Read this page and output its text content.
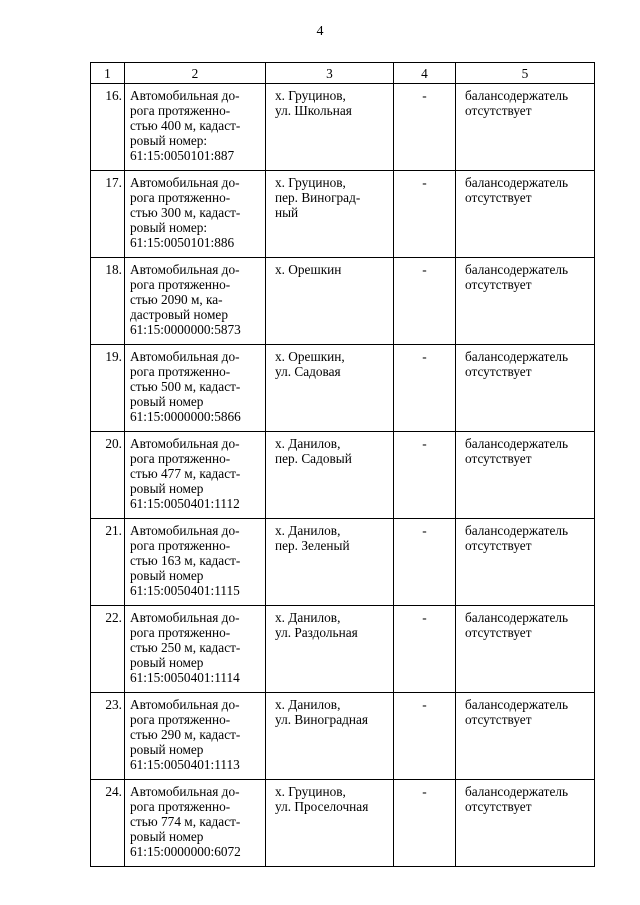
4
1	2	3	4	5
16.	Автомобильная до-
рога протяженно-
стью 400 м, кадаст-
ровый номер:
61:15:0050101:887	х. Груцинов,
ул. Школьная	-	балансодержатель
отсутствует
17.	Автомобильная до-
рога протяженно-
стью 300 м, кадаст-
ровый номер:
61:15:0050101:886	х. Груцинов,
пер. Виноград-
ный	-	балансодержатель
отсутствует
18.	Автомобильная до-
рога протяженно-
стью 2090 м, ка-
дастровый номер
61:15:0000000:5873	х. Орешкин	-	балансодержатель
отсутствует
19.	Автомобильная до-
рога протяженно-
стью 500 м, кадаст-
ровый номер
61:15:0000000:5866	х. Орешкин,
ул. Садовая	-	балансодержатель
отсутствует
20.	Автомобильная до-
рога протяженно-
стью 477 м, кадаст-
ровый номер
61:15:0050401:1112	х. Данилов,
пер. Садовый	-	балансодержатель
отсутствует
21.	Автомобильная до-
рога протяженно-
стью 163 м, кадаст-
ровый номер
61:15:0050401:1115	х. Данилов,
пер. Зеленый	-	балансодержатель
отсутствует
22.	Автомобильная до-
рога протяженно-
стью 250 м, кадаст-
ровый номер
61:15:0050401:1114	х. Данилов,
ул. Раздольная	-	балансодержатель
отсутствует
23.	Автомобильная до-
рога протяженно-
стью 290 м, кадаст-
ровый номер
61:15:0050401:1113	х. Данилов,
ул. Виноградная	-	балансодержатель
отсутствует
24.	Автомобильная до-
рога протяженно-
стью 774 м, кадаст-
ровый номер
61:15:0000000:6072	х. Груцинов,
ул. Проселочная	-	балансодержатель
отсутствует
